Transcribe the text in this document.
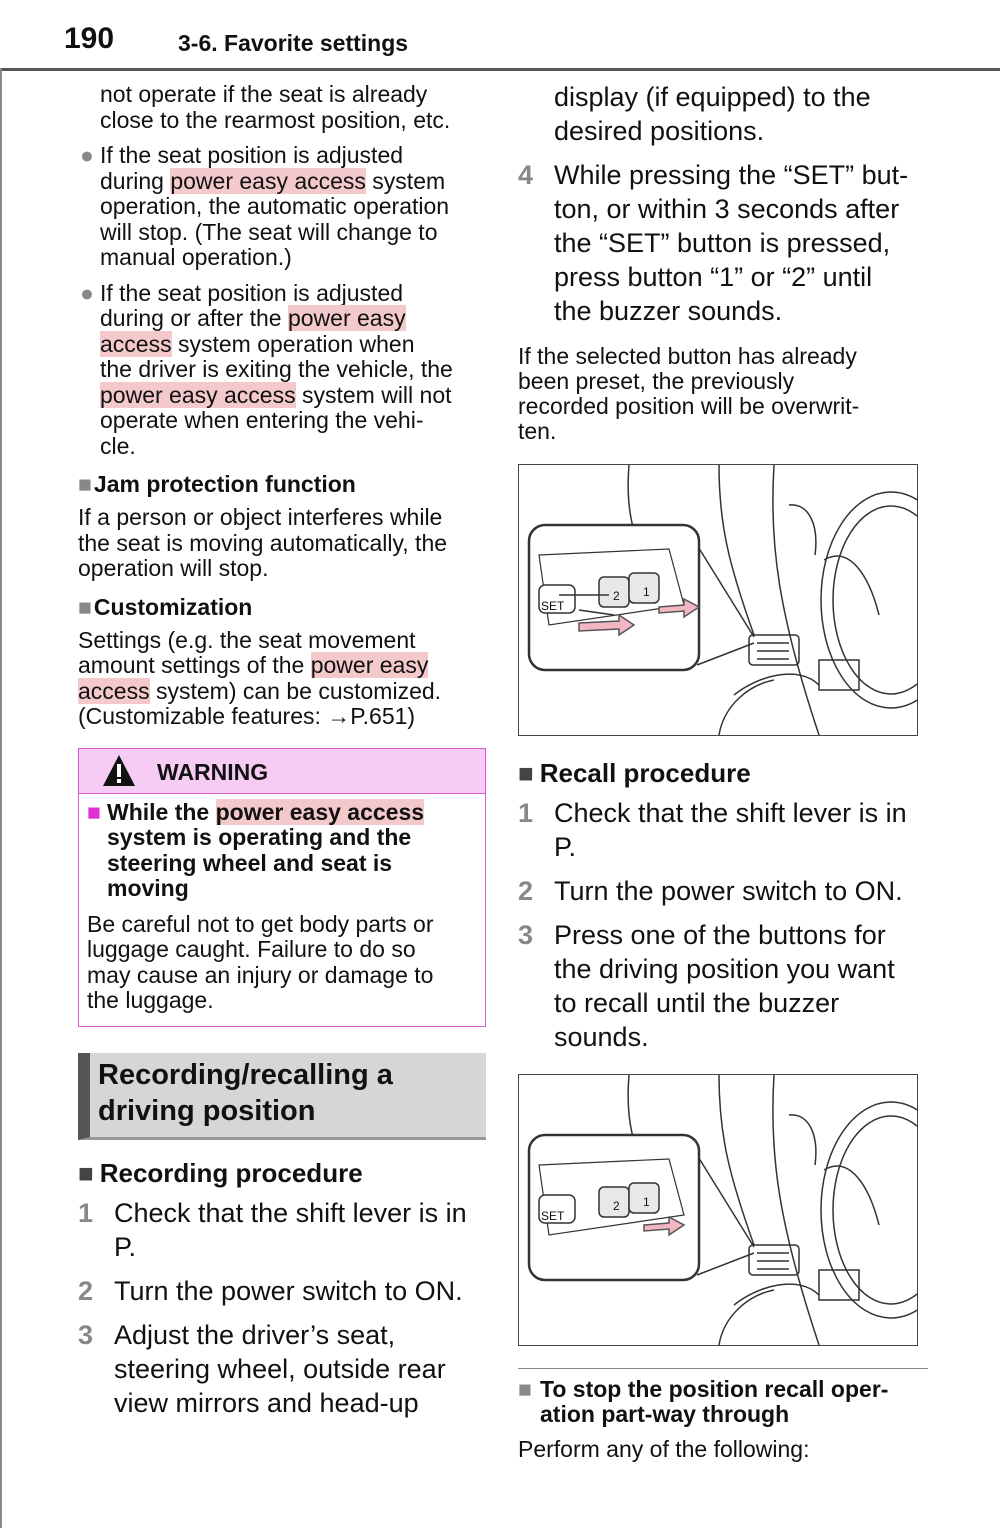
190	3-6. Favorite settings
not operate if the seat is already
close to the rearmost position, etc.
● If the seat position is adjusted
during power easy access system
operation, the automatic operation
will stop. (The seat will change to
manual operation.)
● If the seat position is adjusted
during or after the power easy
access system operation when
the driver is exiting the vehicle, the
power easy access system will not
operate when entering the vehi-
cle.
■Jam protection function
If a person or object interferes while
the seat is moving automatically, the
operation will stop.
■Customization
Settings (e.g. the seat movement
amount settings of the power easy
access system) can be customized.
(Customizable features: →P.651)
WARNING
■ While the power easy access
system is operating and the
steering wheel and seat is
moving
Be careful not to get body parts or
luggage caught. Failure to do so
may cause an injury or damage to
the luggage.
Recording/recalling a
driving position
■ Recording procedure
1 Check that the shift lever is in
P.
2 Turn the power switch to ON.
3 Adjust the driver’s seat,
steering wheel, outside rear
view mirrors and head-up
display (if equipped) to the
desired positions.
4 While pressing the “SET” but-
ton, or within 3 seconds after
the “SET” button is pressed,
press button “1” or “2” until
the buzzer sounds.
If the selected button has already
been preset, the previously
recorded position will be overwrit-
ten.
SET
2 1
■ Recall procedure
1 Check that the shift lever is in
P.
2 Turn the power switch to ON.
3 Press one of the buttons for
the driving position you want
to recall until the buzzer
sounds.
SET
2 1
■ To stop the position recall oper-
ation part-way through
Perform any of the following:
